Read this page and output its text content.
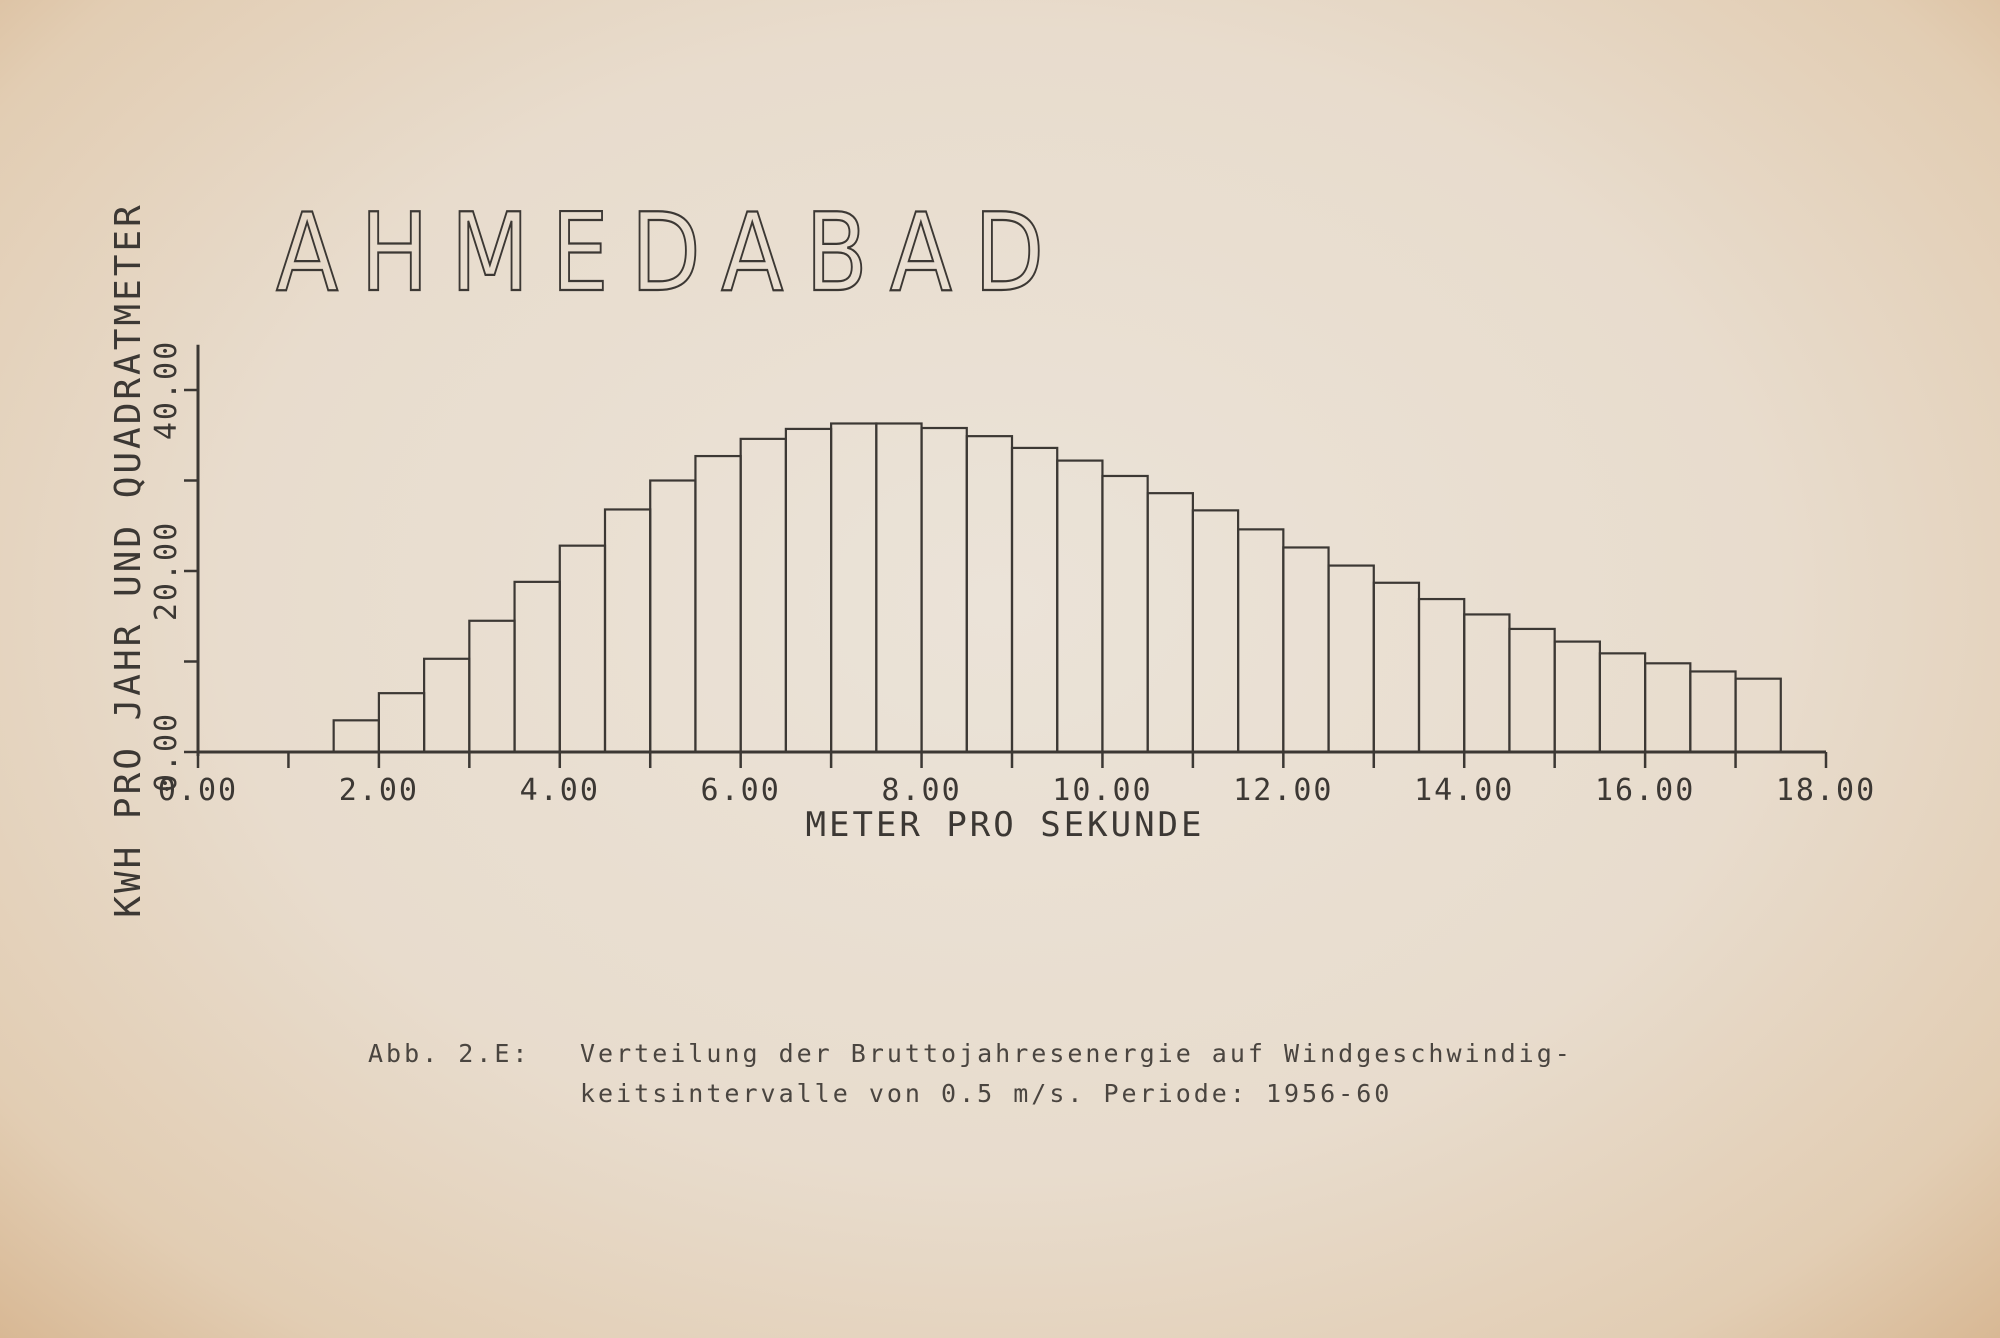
0.00	2.00	4.00	6.00	8.00	10.00	12.00	14.00	16.00	18.00
0.00
20.00
40.00
AHMEDABAD
METER PRO SEKUNDE
KWH PRO JAHR UND QUADRATMETER
Abb. 2.E: Verteilung der Bruttojahresenergie auf Windgeschwindig-
keitsintervalle von 0.5 m/s. Periode: 1956-60
